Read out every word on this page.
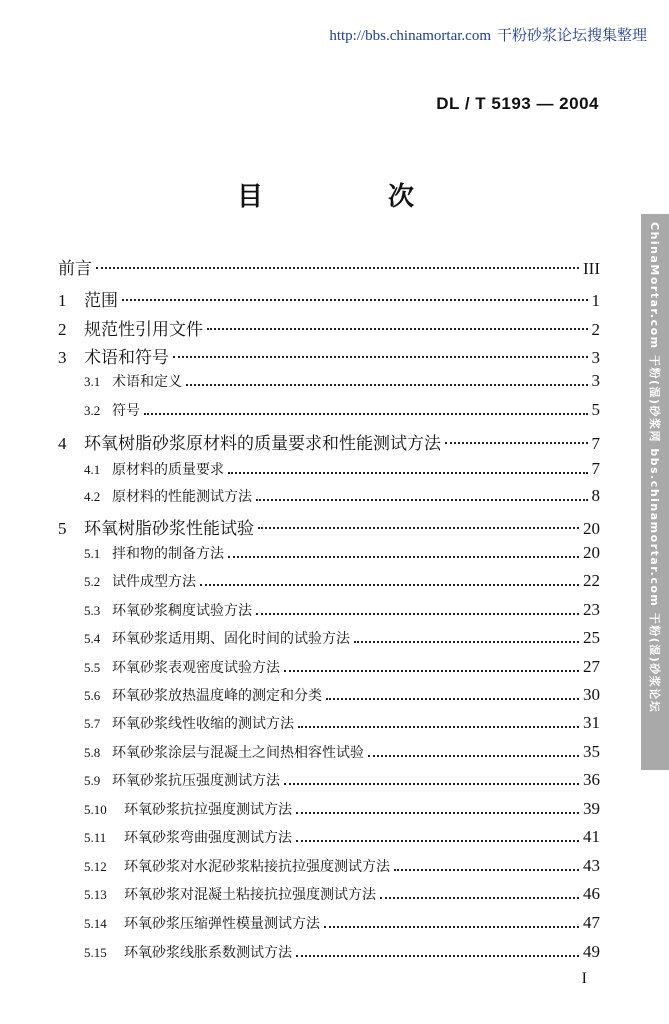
http://bbs.chinamortar.com 干粉砂浆论坛搜集整理
DL / T 5193 — 2004
目 次
前言	III
1	范围	1
2	规范性引用文件	2
3	术语和符号	3
3.1 术语和定义	3
3.2 符号	5
4	环氧树脂砂浆原材料的质量要求和性能测试方法	7
4.1 原材料的质量要求	7
4.2 原材料的性能测试方法	8
5	环氧树脂砂浆性能试验	20
5.1 拌和物的制备方法	20
5.2 试件成型方法	22
5.3 环氧砂浆稠度试验方法	23
5.4 环氧砂浆适用期、固化时间的试验方法	25
5.5 环氧砂浆表观密度试验方法	27
5.6 环氧砂浆放热温度峰的测定和分类	30
5.7 环氧砂浆线性收缩的测试方法	31
5.8 环氧砂浆涂层与混凝土之间热相容性试验	35
5.9 环氧砂浆抗压强度测试方法	36
5.10	环氧砂浆抗拉强度测试方法	39
5.11	环氧砂浆弯曲强度测试方法	41
5.12	环氧砂浆对水泥砂浆粘接抗拉强度测试方法	43
5.13	环氧砂浆对混凝土粘接抗拉强度测试方法	46
5.14	环氧砂浆压缩弹性模量测试方法	47
5.15	环氧砂浆线胀系数测试方法	49
ChinaMortar.com 干粉(湿)砂浆网 bbs.chinamortar.com 干粉(湿)砂浆论坛
I
